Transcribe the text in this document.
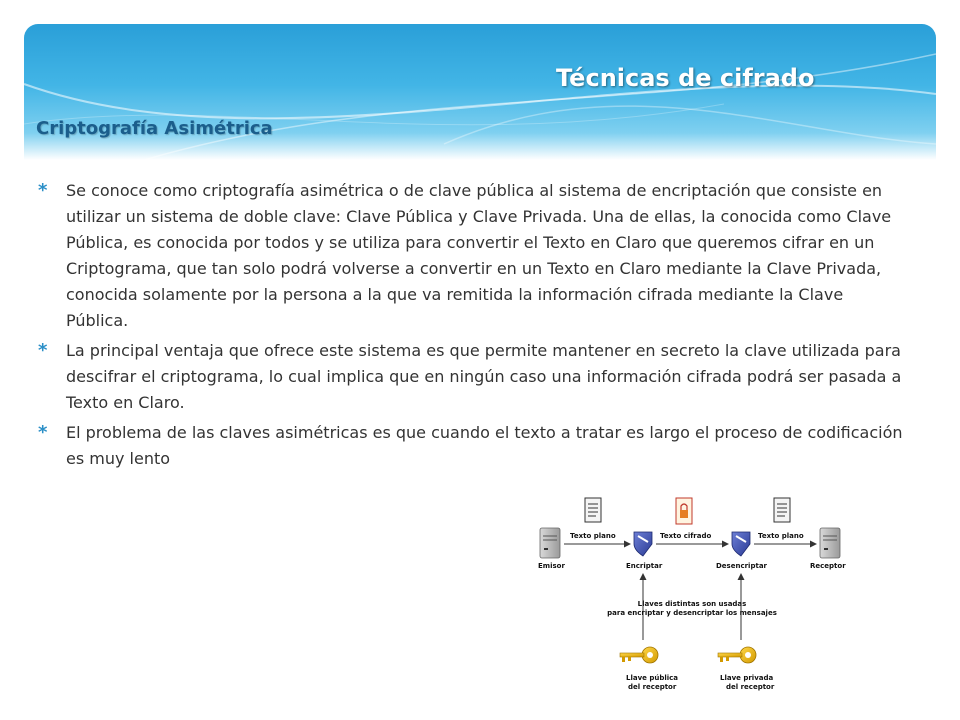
Técnicas de cifrado
Criptografía Asimétrica
* Se conoce como criptografía asimétrica o de clave pública al sistema de encriptación que consiste en utilizar un sistema de doble clave: Clave Pública y Clave Privada. Una de ellas, la conocida como Clave Pública, es conocida por todos y se utiliza para convertir el Texto en Claro que queremos cifrar en un Criptograma, que tan solo podrá volverse a convertir en un Texto en Claro mediante la Clave Privada, conocida solamente por la persona a la que va remitida la información cifrada mediante la Clave Pública.
* La principal ventaja que ofrece este sistema es que permite mantener en secreto la clave utilizada para descifrar el criptograma, lo cual implica que en ningún caso una información cifrada podrá ser pasada a Texto en Claro.
* El problema de las claves asimétricas es que cuando el texto a tratar es largo el proceso de codificación es muy lento
Emisor
Texto plano
Encriptar
Texto cifrado
Desencriptar
Texto plano
Receptor
Llaves distintas son usadas
para encriptar y desencriptar los mensajes
Llave pública
del receptor
Llave privada
del receptor
